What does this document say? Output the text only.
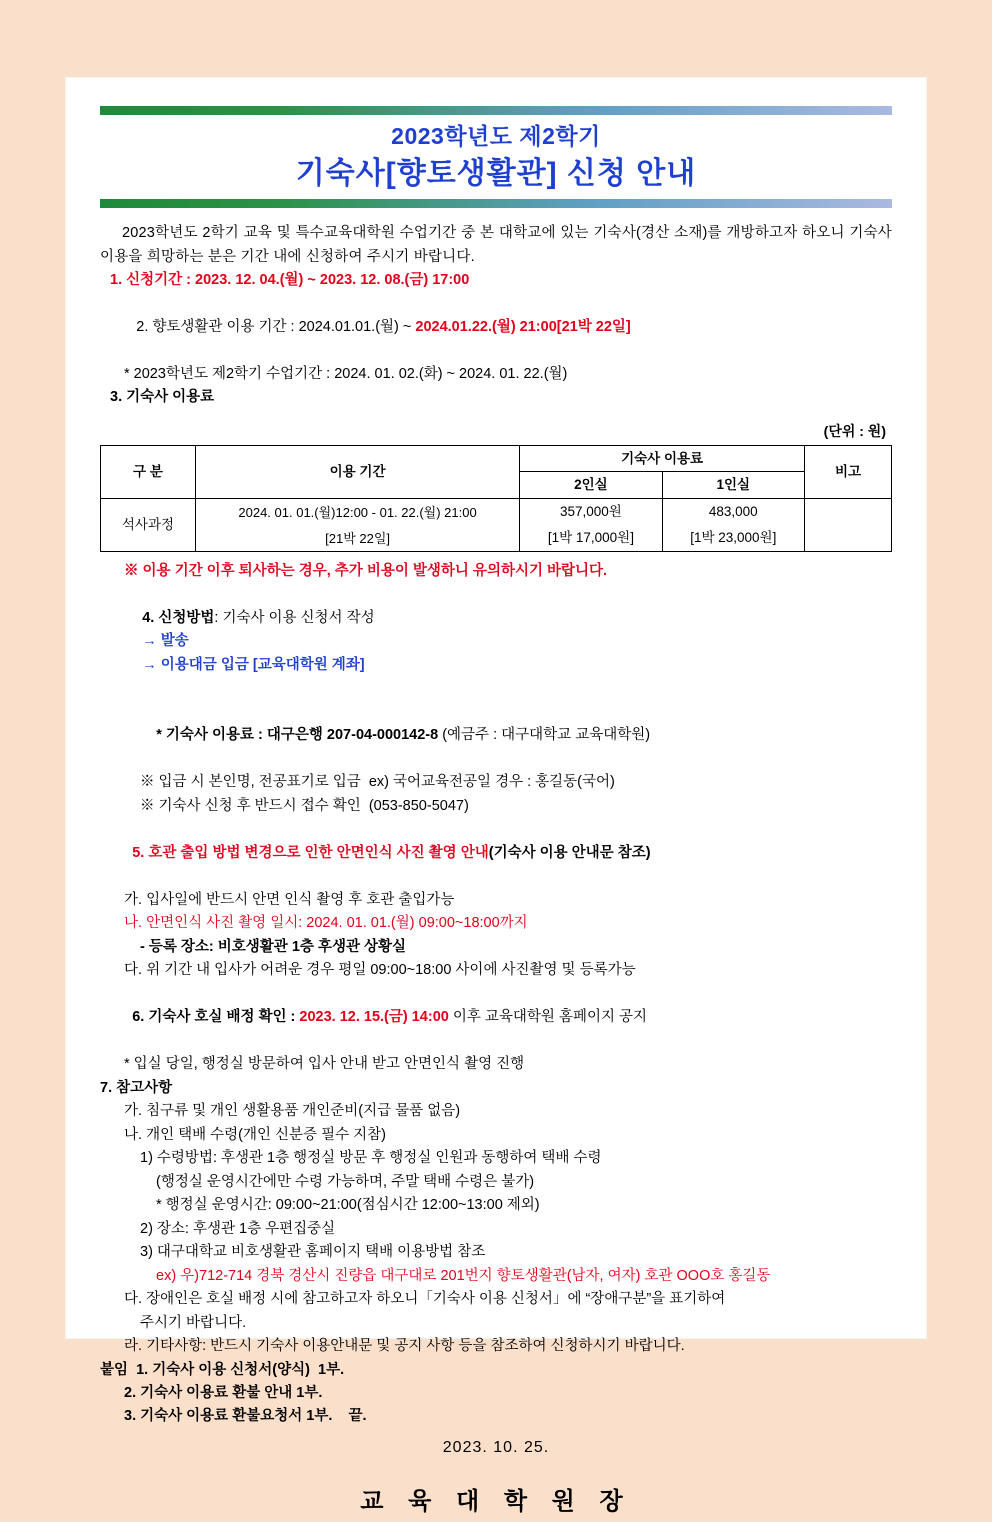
2023학년도 제2학기
기숙사[향토생활관] 신청 안내
2023학년도 2학기 교육 및 특수교육대학원 수업기간 중 본 대학교에 있는 기숙사(경산 소재)를 개방하고자 하오니 기숙사 이용을 희망하는 분은 기간 내에 신청하여 주시기 바랍니다.
1. 신청기간 : 2023. 12. 04.(월) ~ 2023. 12. 08.(금) 17:00

2. 향토생활관 이용 기간 : 2024.01.01.(월) ~ 2024.01.22.(월) 21:00[21박 22일]

* 2023학년도 제2학기 수업기간 : 2024. 01. 02.(화) ~ 2024. 01. 22.(월)
3. 기숙사 이용료
(단위 : 원)
구 분	이용 기간	기숙사 이용료		비고
		2인실	1인실	
석사과정	2024. 01. 01.(월)12:00 - 01. 22.(월) 21:00	357,000원	483,000	
	[21박 22일]	[1박 17,000원]	[1박 23,000원]	
※ 이용 기간 이후 퇴사하는 경우, 추가 비용이 발생하니 유의하시기 바랍니다.

4. 신청방법: 기숙사 이용 신청서 작성
→ 발송
→ 이용대금 입금 [교육대학원 계좌]

* 기숙사 이용료 : 대구은행 207-04-000142-8 (예금주 : 대구대학교 교육대학원)

※ 입금 시 본인명, 전공표기로 입금  ex) 국어교육전공일 경우 : 홍길동(국어)
※ 기숙사 신청 후 반드시 접수 확인  (053-850-5047)

5. 호관 출입 방법 변경으로 인한 안면인식 사진 촬영 안내(기숙사 이용 안내문 참조)

가. 입사일에 반드시 안면 인식 촬영 후 호관 출입가능
나. 안면인식 사진 촬영 일시: 2024. 01. 01.(월) 09:00~18:00까지
- 등록 장소: 비호생활관 1층 후생관 상황실
다. 위 기간 내 입사가 어려운 경우 평일 09:00~18:00 사이에 사진촬영 및 등록가능

6. 기숙사 호실 배정 확인 : 2023. 12. 15.(금) 14:00 이후 교육대학원 홈페이지 공지

* 입실 당일, 행정실 방문하여 입사 안내 받고 안면인식 촬영 진행
7. 참고사항
가. 침구류 및 개인 생활용품 개인준비(지급 물품 없음)
나. 개인 택배 수령(개인 신분증 필수 지참)
1) 수령방법: 후생관 1층 행정실 방문 후 행정실 인원과 동행하여 택배 수령
(행정실 운영시간에만 수령 가능하며, 주말 택배 수령은 불가)
* 행정실 운영시간: 09:00~21:00(점심시간 12:00~13:00 제외)
2) 장소: 후생관 1층 우편집중실
3) 대구대학교 비호생활관 홈페이지 택배 이용방법 참조
ex) 우)712-714 경북 경산시 진량읍 대구대로 201번지 향토생활관(남자, 여자) 호관 OOO호 홍길동
다. 장애인은 호실 배정 시에 참고하고자 하오니「기숙사 이용 신청서」에 “장애구분”을 표기하여
주시기 바랍니다.
라. 기타사항: 반드시 기숙사 이용안내문 및 공지 사항 등을 참조하여 신청하시기 바랍니다.
붙임  1. 기숙사 이용 신청서(양식)  1부.
2. 기숙사 이용료 환불 안내 1부.
3. 기숙사 이용료 환불요청서 1부.    끝.
2023. 10. 25.
교 육 대 학 원 장
